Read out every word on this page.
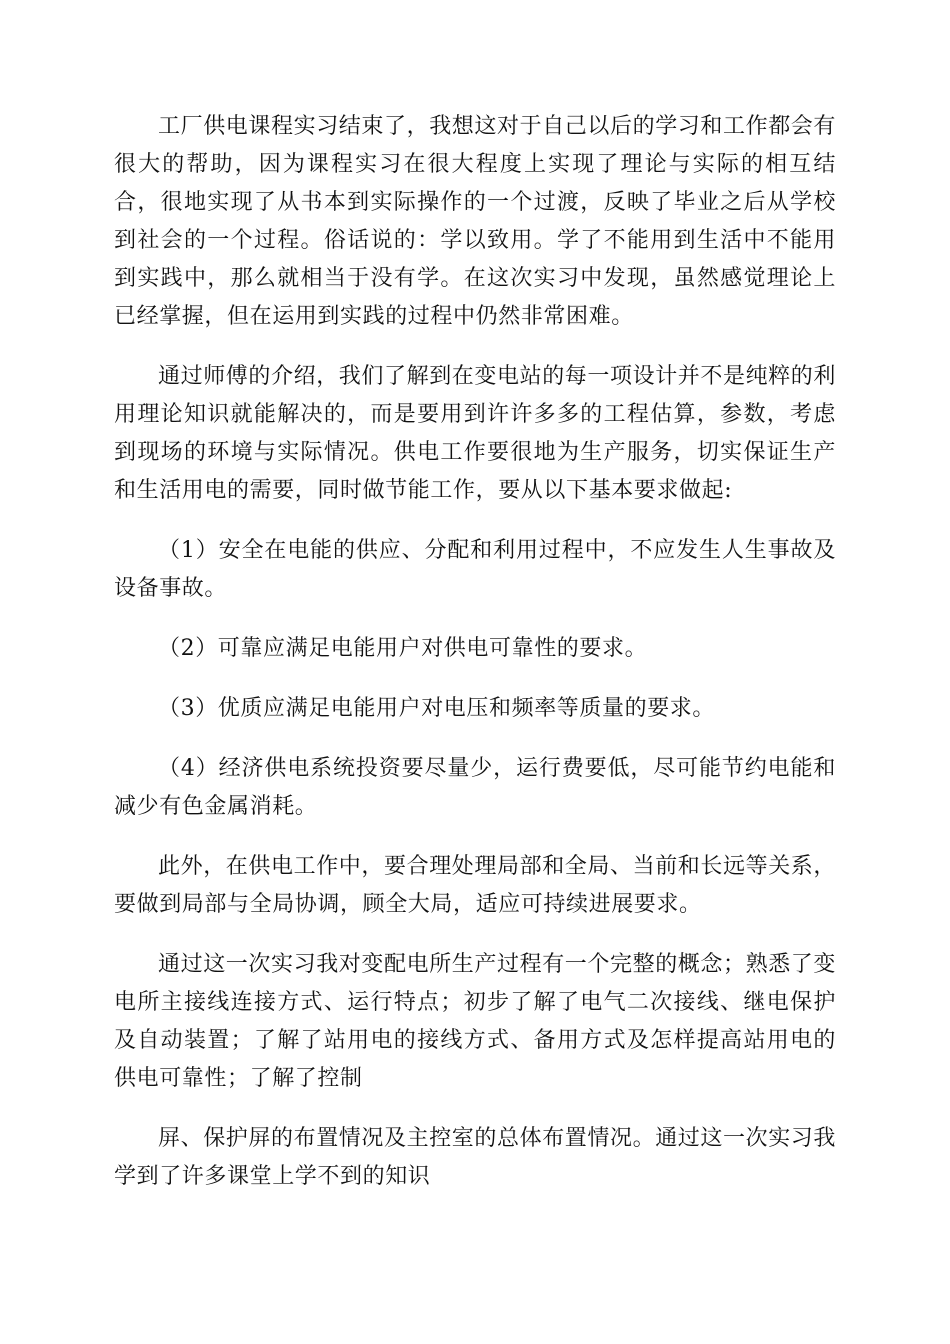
工厂供电课程实习结束了，我想这对于自己以后的学习和工作都会有很大的帮助，因为课程实习在很大程度上实现了理论与实际的相互结合，很地实现了从书本到实际操作的一个过渡，反映了毕业之后从学校到社会的一个过程。俗话说的：学以致用。学了不能用到生活中不能用到实践中，那么就相当于没有学。在这次实习中发现，虽然感觉理论上已经掌握，但在运用到实践的过程中仍然非常困难。

通过师傅的介绍，我们了解到在变电站的每一项设计并不是纯粹的利用理论知识就能解决的，而是要用到许许多多的工程估算，参数，考虑到现场的环境与实际情况。供电工作要很地为生产服务，切实保证生产和生活用电的需要，同时做节能工作，要从以下基本要求做起:

（1）安全在电能的供应、分配和利用过程中，不应发生人生事故及设备事故。

（2）可靠应满足电能用户对供电可靠性的要求。

（3）优质应满足电能用户对电压和频率等质量的要求。

（4）经济供电系统投资要尽量少，运行费要低，尽可能节约电能和减少有色金属消耗。

此外，在供电工作中，要合理处理局部和全局、当前和长远等关系，要做到局部与全局协调，顾全大局，适应可持续进展要求。

通过这一次实习我对变配电所生产过程有一个完整的概念；熟悉了变电所主接线连接方式、运行特点；初步了解了电气二次接线、继电保护及自动装置；了解了站用电的接线方式、备用方式及怎样提高站用电的供电可靠性；了解了控制

屏、保护屏的布置情况及主控室的总体布置情况。通过这一次实习我学到了许多课堂上学不到的知识
